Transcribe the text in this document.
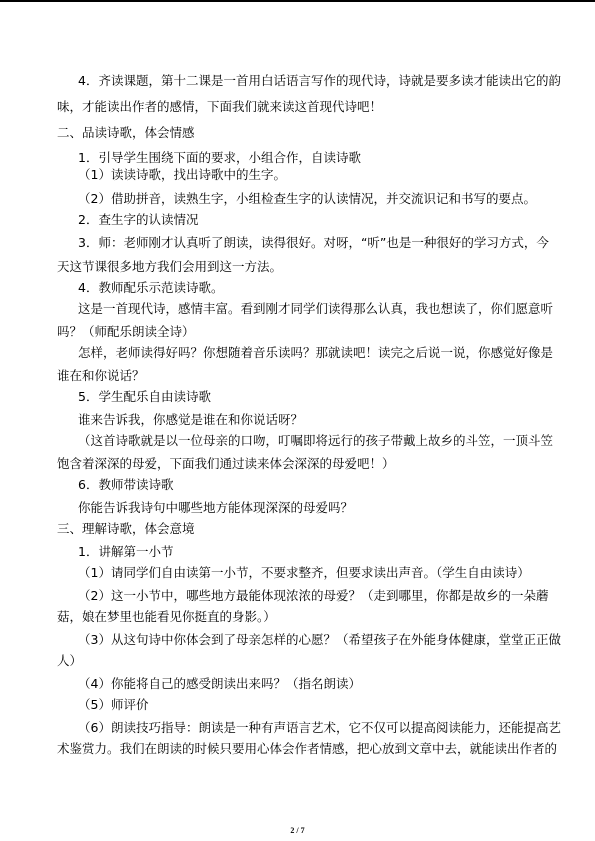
4．齐读课题，第十二课是一首用白话语言写作的现代诗，诗就是要多读才能读出它的韵
味，才能读出作者的感情，下面我们就来读这首现代诗吧！
二、品读诗歌，体会情感
1．引导学生围绕下面的要求，小组合作，自读诗歌
（1）读读诗歌，找出诗歌中的生字。
（2）借助拼音，读熟生字，小组检查生字的认读情况，并交流识记和书写的要点。
2．查生字的认读情况
3．师：老师刚才认真听了朗读，读得很好。对呀，“听”也是一种很好的学习方式，今
天这节课很多地方我们会用到这一方法。
4．教师配乐示范读诗歌。
这是一首现代诗，感情丰富。看到刚才同学们读得那么认真，我也想读了，你们愿意听
吗？（师配乐朗读全诗）
怎样，老师读得好吗？你想随着音乐读吗？那就读吧！读完之后说一说，你感觉好像是
谁在和你说话？
5．学生配乐自由读诗歌
谁来告诉我，你感觉是谁在和你说话呀？
（这首诗歌就是以一位母亲的口吻，叮嘱即将远行的孩子带戴上故乡的斗笠，一顶斗笠
饱含着深深的母爱，下面我们通过读来体会深深的母爱吧！）
6．教师带读诗歌
你能告诉我诗句中哪些地方能体现深深的母爱吗？
三、理解诗歌，体会意境
1．讲解第一小节
（1）请同学们自由读第一小节，不要求整齐，但要求读出声音。（学生自由读诗）
（2）这一小节中，哪些地方最能体现浓浓的母爱？（走到哪里，你都是故乡的一朵蘑
菇，娘在梦里也能看见你挺直的身影。）
（3）从这句诗中你体会到了母亲怎样的心愿？（希望孩子在外能身体健康，堂堂正正做
人）
（4）你能将自己的感受朗读出来吗？（指名朗读）
（5）师评价
（6）朗读技巧指导：朗读是一种有声语言艺术，它不仅可以提高阅读能力，还能提高艺
术鉴赏力。我们在朗读的时候只要用心体会作者情感，把心放到文章中去，就能读出作者的
2 / 7
